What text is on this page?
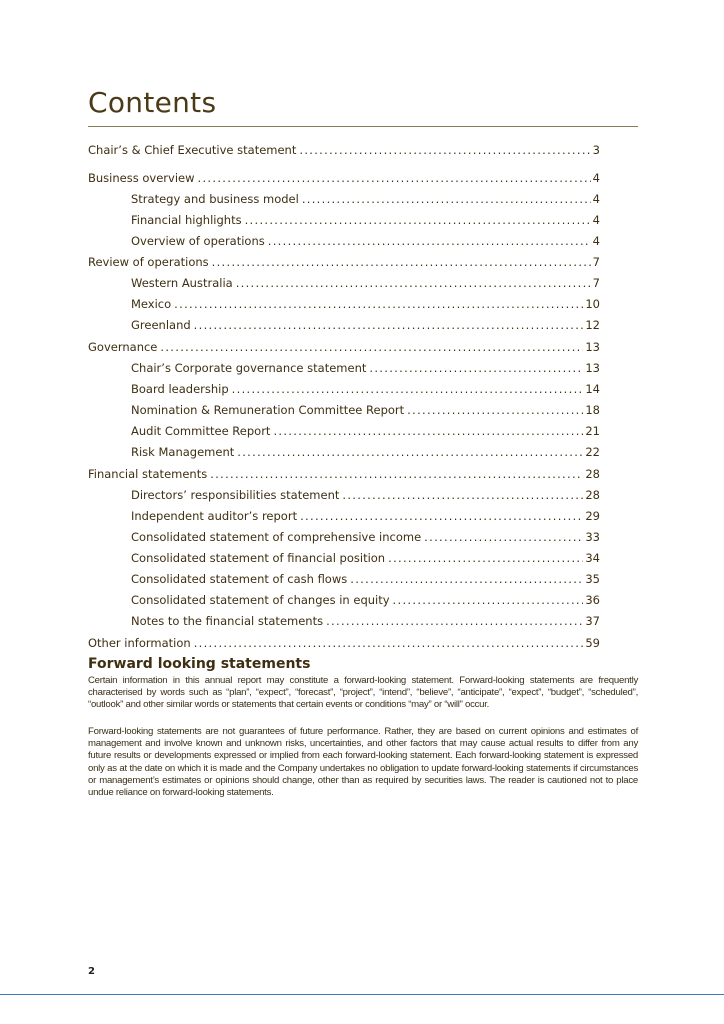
Contents
Chair’s & Chief Executive statement .....	3
Business overview .....	4
Strategy and business model .....	4
Financial highlights .....	4
Overview of operations .....	4
Review of operations .....	7
Western Australia .....	7
Mexico .....	10
Greenland .....	12
Governance .....	13
Chair’s Corporate governance statement .....	13
Board leadership .....	14
Nomination & Remuneration Committee Report .....	18
Audit Committee Report .....	21
Risk Management .....	22
Financial statements .....	28
Directors’ responsibilities statement .....	28
Independent auditor’s report .....	29
Consolidated statement of comprehensive income .....	33
Consolidated statement of financial position .....	34
Consolidated statement of cash flows .....	35
Consolidated statement of changes in equity .....	36
Notes to the financial statements .....	37
Other information .....	59
Forward looking statements

Certain information in this annual report may constitute a forward-looking statement. Forward-looking statements are frequently characterised by words such as “plan”, “expect”, “forecast”, “project”, “intend”, “believe”, “anticipate”, “expect”, “budget”, “scheduled”, “outlook” and other similar words or statements that certain events or conditions “may” or “will” occur.

Forward-looking statements are not guarantees of future performance. Rather, they are based on current opinions and estimates of management and involve known and unknown risks, uncertainties, and other factors that may cause actual results to differ from any future results or developments expressed or implied from each forward-looking statement. Each forward-looking statement is expressed only as at the date on which it is made and the Company undertakes no obligation to update forward-looking statements if circumstances or management’s estimates or opinions should change, other than as required by securities laws. The reader is cautioned not to place undue reliance on forward-looking statements.

2
